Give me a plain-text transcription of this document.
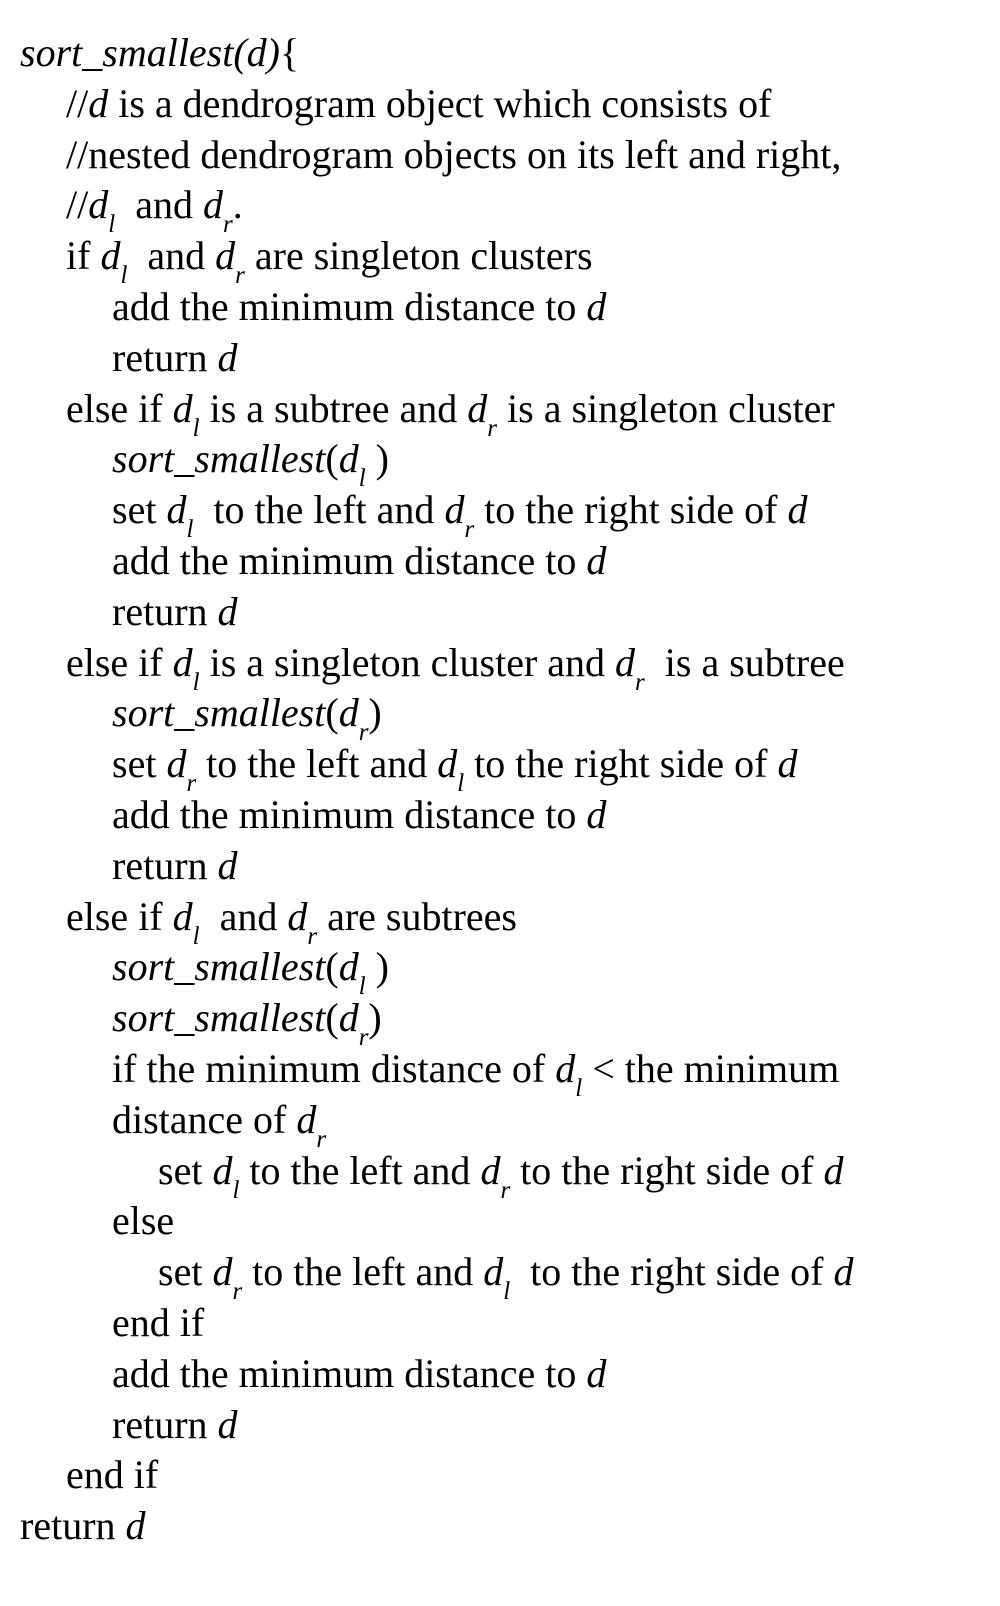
sort_smallest(d){
//d is a dendrogram object which consists of
//nested dendrogram objects on its left and right,
$//d_l$  and $d_r$.
if $d_l$  and $d_r$ are singleton clusters
add the minimum distance to d
return d
else if $d_l$ is a subtree and $d_r$ is a singleton cluster
$sort\_smallest(d_l$ )
set $d_l$  to the left and $d_r$ to the right side of d
add the minimum distance to d
return d
else if $d_l$ is a singleton cluster and $d_r$  is a subtree
$sort\_smallest(d_r)$
set $d_r$ to the left and $d_l$ to the right side of d
add the minimum distance to d
return d
else if $d_l$  and $d_r$ are subtrees
$sort\_smallest(d_l$ )
$sort\_smallest(d_r)$
if the minimum distance of $d_l$ < the minimum
distance of $d_r$
set $d_l$ to the left and $d_r$ to the right side of d
else
set $d_r$ to the left and $d_l$  to the right side of d
end if
add the minimum distance to d
return d
end if
return d
